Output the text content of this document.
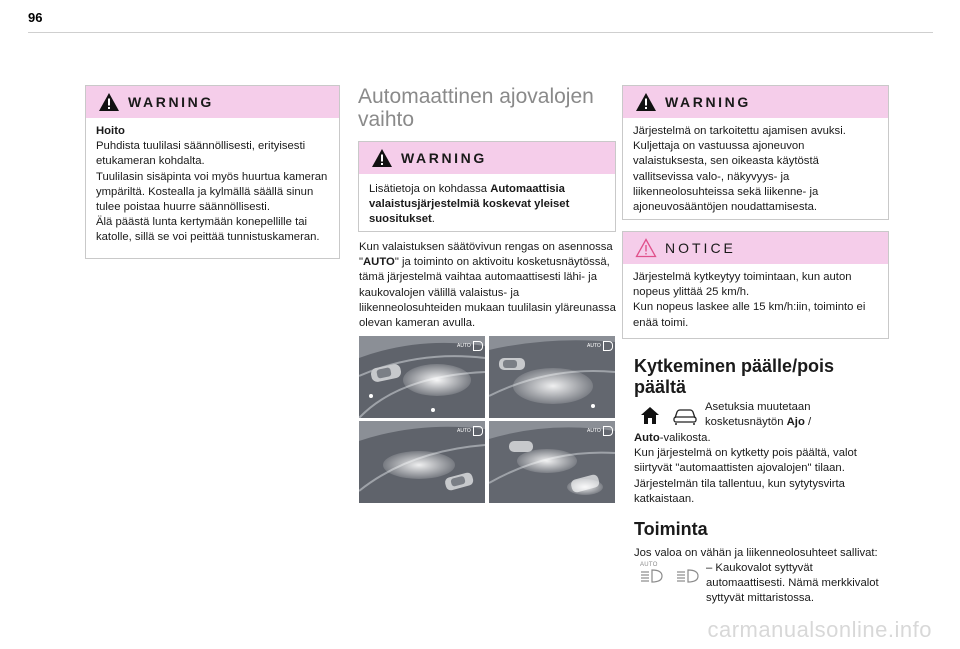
96
WARNING

Hoito

Puhdista tuulilasi säännöllisesti, erityisesti etukameran kohdalta.

Tuulilasin sisäpinta voi myös huurtua kameran ympäriltä. Kostealla ja kylmällä säällä sinun tulee poistaa huurre säännöllisesti.

Älä päästä lunta kertymään konepellille tai katolle, sillä se voi peittää tunnistuskameran.

Automaattinen ajovalojen vaihto
WARNING

Lisätietoja on kohdassa Automaattisia valaistusjärjestelmiä koskevat yleiset suositukset.

Kun valaistuksen säätövivun rengas on asennossa "AUTO" ja toiminto on aktivoitu kosketusnäytössä, tämä järjestelmä vaihtaa automaattisesti lähi- ja kaukovalojen välillä valaistus- ja liikenneolosuhteiden mukaan tuulilasin yläreunassa olevan kameran avulla.

AUTO	AUTO
AUTO	AUTO
WARNING

Järjestelmä on tarkoitettu ajamisen avuksi. Kuljettaja on vastuussa ajoneuvon valaistuksesta, sen oikeasta käytöstä vallitsevissa valo-, näkyvyys- ja liikenneolosuhteissa sekä liikenne- ja ajoneuvosääntöjen noudattamisesta.

NOTICE

Järjestelmä kytkeytyy toimintaan, kun auton nopeus ylittää 25 km/h.

Kun nopeus laskee alle 15 km/h:iin, toiminto ei enää toimi.

Kytkeminen päälle/pois päältä

Asetuksia muutetaan kosketusnäytön Ajo /

Auto-valikosta.

Kun järjestelmä on kytketty pois päältä, valot siirtyvät "automaattisten ajovalojen" tilaan. Järjestelmän tila tallentuu, kun sytytysvirta katkaistaan.

Toiminta
Jos valoa on vähän ja liikenneolosuhteet sallivat:
AUTO	– Kaukovalot syttyvät automaattisesti. Nämä merkkivalot syttyvät mittaristossa.
carmanualsonline.info
